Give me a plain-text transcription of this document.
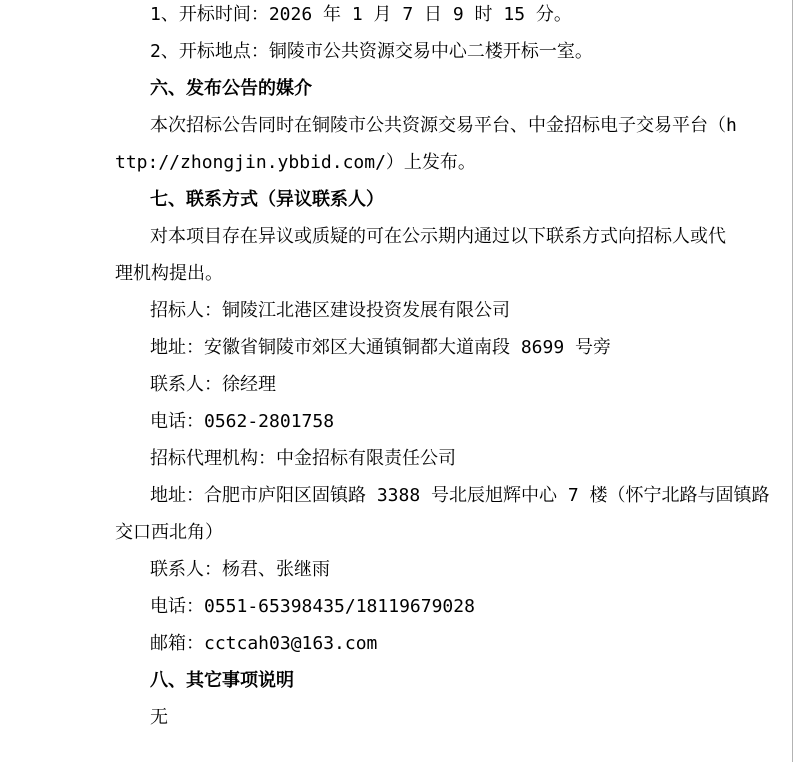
1、开标时间：2026 年 1 月 7 日 9 时 15 分。
2、开标地点：铜陵市公共资源交易中心二楼开标一室。
六、发布公告的媒介
本次招标公告同时在铜陵市公共资源交易平台、中金招标电子交易平台（h
ttp://zhongjin.ybbid.com/）上发布。
七、联系方式（异议联系人）
对本项目存在异议或质疑的可在公示期内通过以下联系方式向招标人或代
理机构提出。
招标人：铜陵江北港区建设投资发展有限公司
地址：安徽省铜陵市郊区大通镇铜都大道南段 8699 号旁
联系人：徐经理
电话：0562-2801758
招标代理机构：中金招标有限责任公司
地址：合肥市庐阳区固镇路 3388 号北辰旭辉中心 7 楼（怀宁北路与固镇路
交口西北角）
联系人：杨君、张继雨
电话：0551-65398435/18119679028
邮箱：cctcah03@163.com
八、其它事项说明
无
